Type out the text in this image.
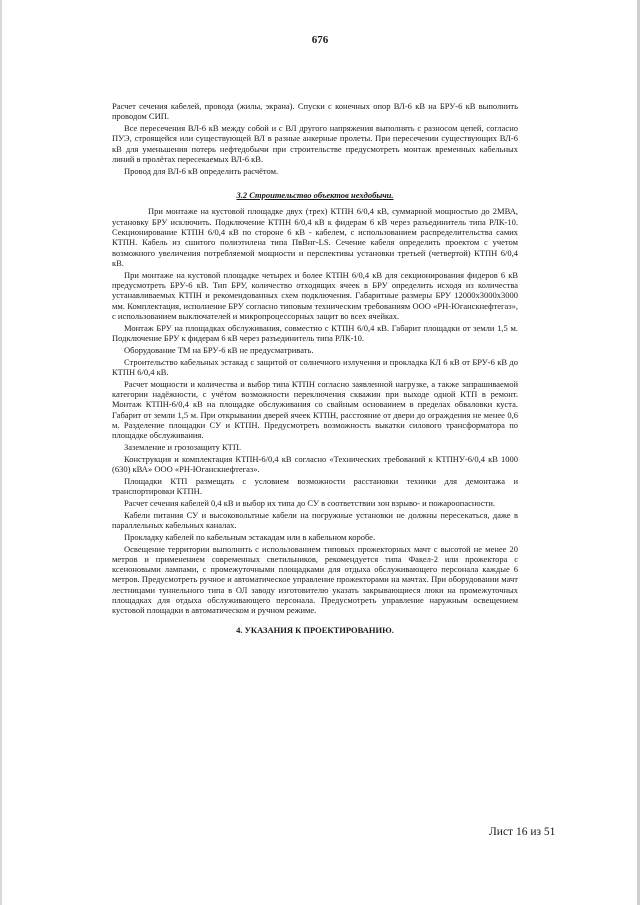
676

Расчет сечения кабелей, провода (жилы, экрана). Спуски с конечных опор ВЛ-6 кВ на БРУ-6 кВ выполнить проводом СИП.

Все пересечения ВЛ-6 кВ между собой и с ВЛ другого напряжения выполнять с разносом цепей, согласно ПУЭ, строящейся или существующей ВЛ в разные анкерные пролеты. При пересечении существующих ВЛ-6 кВ для уменьшения потерь нефтедобычи при строительстве предусмотреть монтаж временных кабельных линий в пролётах пересекаемых ВЛ-6 кВ.

Провод для ВЛ-6 кВ определить расчётом.

3.2 Строительство объектов нехдобычи.

При монтаже на кустовой площадке двух (трех) КТПН 6/0,4 кВ, суммарной мощностью до 2МВА, установку БРУ исключить. Подключение КТПН 6/0,4 кВ к фидерам 6 кВ через разъединитель типа РЛК-10. Секционирование КТПН 6/0,4 кВ по стороне 6 кВ - кабелем, с использованием распределительства самих КТПН. Кабель из сшитого полиэтилена типа ПвВнг-LS. Сечение кабеля определить проектом с учетом возможного увеличения потребляемой мощности и перспективы установки третьей (четвертой) КТПН 6/0,4 кВ.

При монтаже на кустовой площадке четырех и более КТПН 6/0,4 кВ для секционирования фидеров 6 кВ предусмотреть БРУ-6 кВ. Тип БРУ, количество отходящих ячеек в БРУ определить исходя из количества устанавливаемых КТПН и рекомендованных схем подключения. Габаритные размеры БРУ 12000х3000х3000 мм. Комплектация, исполнение БРУ согласно типовым техническим требованиям ООО «РН-Юганскнефтегаз», с использованием выключателей и микропроцессорных защит во всех ячейках.

Монтаж БРУ на площадках обслуживания, совместно с КТПН 6/0,4 кВ. Габарит площадки от земли 1,5 м. Подключение БРУ к фидерам 6 кВ через разъединитель типа РЛК-10.

Оборудование ТМ на БРУ-6 кВ не предусматривать.

Строительство кабельных эстакад с защитой от солнечного излучения и прокладка КЛ 6 кВ от БРУ-6 кВ до КТПН 6/0,4 кВ.

Расчет мощности и количества и выбор типа КТПН согласно заявленной нагрузке, а также запрашиваемой категории надёжности, с учётом возможности переключения скважин при выходе одной КТП в ремонт. Монтаж КТПН-6/0,4 кВ на площадке обслуживания со свайным основанием в пределах обваловки куста. Габарит от земли 1,5 м. При открывании дверей ячеек КТПН, расстояние от двери до ограждения не менее 0,6 м. Разделение площадки СУ и КТПН. Предусмотреть возможность выкатки силового трансформатора по площадке обслуживания.

Заземление и грозозащиту КТП.

Конструкция и комплектация КТПН-6/0,4 кВ согласно «Технических требований к КТПНУ-6/0,4 кВ 1000 (630) кВА» ООО «РН-Юганскнефтегаз».

Площадки КТП размещать с условием возможности расстановки техники для демонтажа и транспортировки КТПН.

Расчет сечения кабелей 0,4 кВ и выбор их типа до СУ в соответствии зон взрыво- и пожароопасности.

Кабели питания СУ и высоковольтные кабели на погружные установки не должны пересекаться, даже в параллельных кабельных каналах.

Прокладку кабелей по кабельным эстакадам или в кабельном коробе.

Освещение территории выполнить с использованием типовых прожекторных мачт с высотой не менее 20 метров и применением современных светильников, рекомендуется типа Факел-2 или прожектора с ксеноновыми лампами, с промежуточными площадками для отдыха обслуживающего персонала каждые 6 метров. Предусмотреть ручное и автоматическое управление прожекторами на мачтах. При оборудовании мачт лестницами туннельного типа в ОЛ заводу изготовителю указать закрывающиеся люки на промежуточных площадках для отдыха обслуживающего персонала. Предусмотреть управление наружным освещением кустовой площадки в автоматическом и ручном режиме.

4. УКАЗАНИЯ К ПРОЕКТИРОВАНИЮ.
Лист 16 из 51
